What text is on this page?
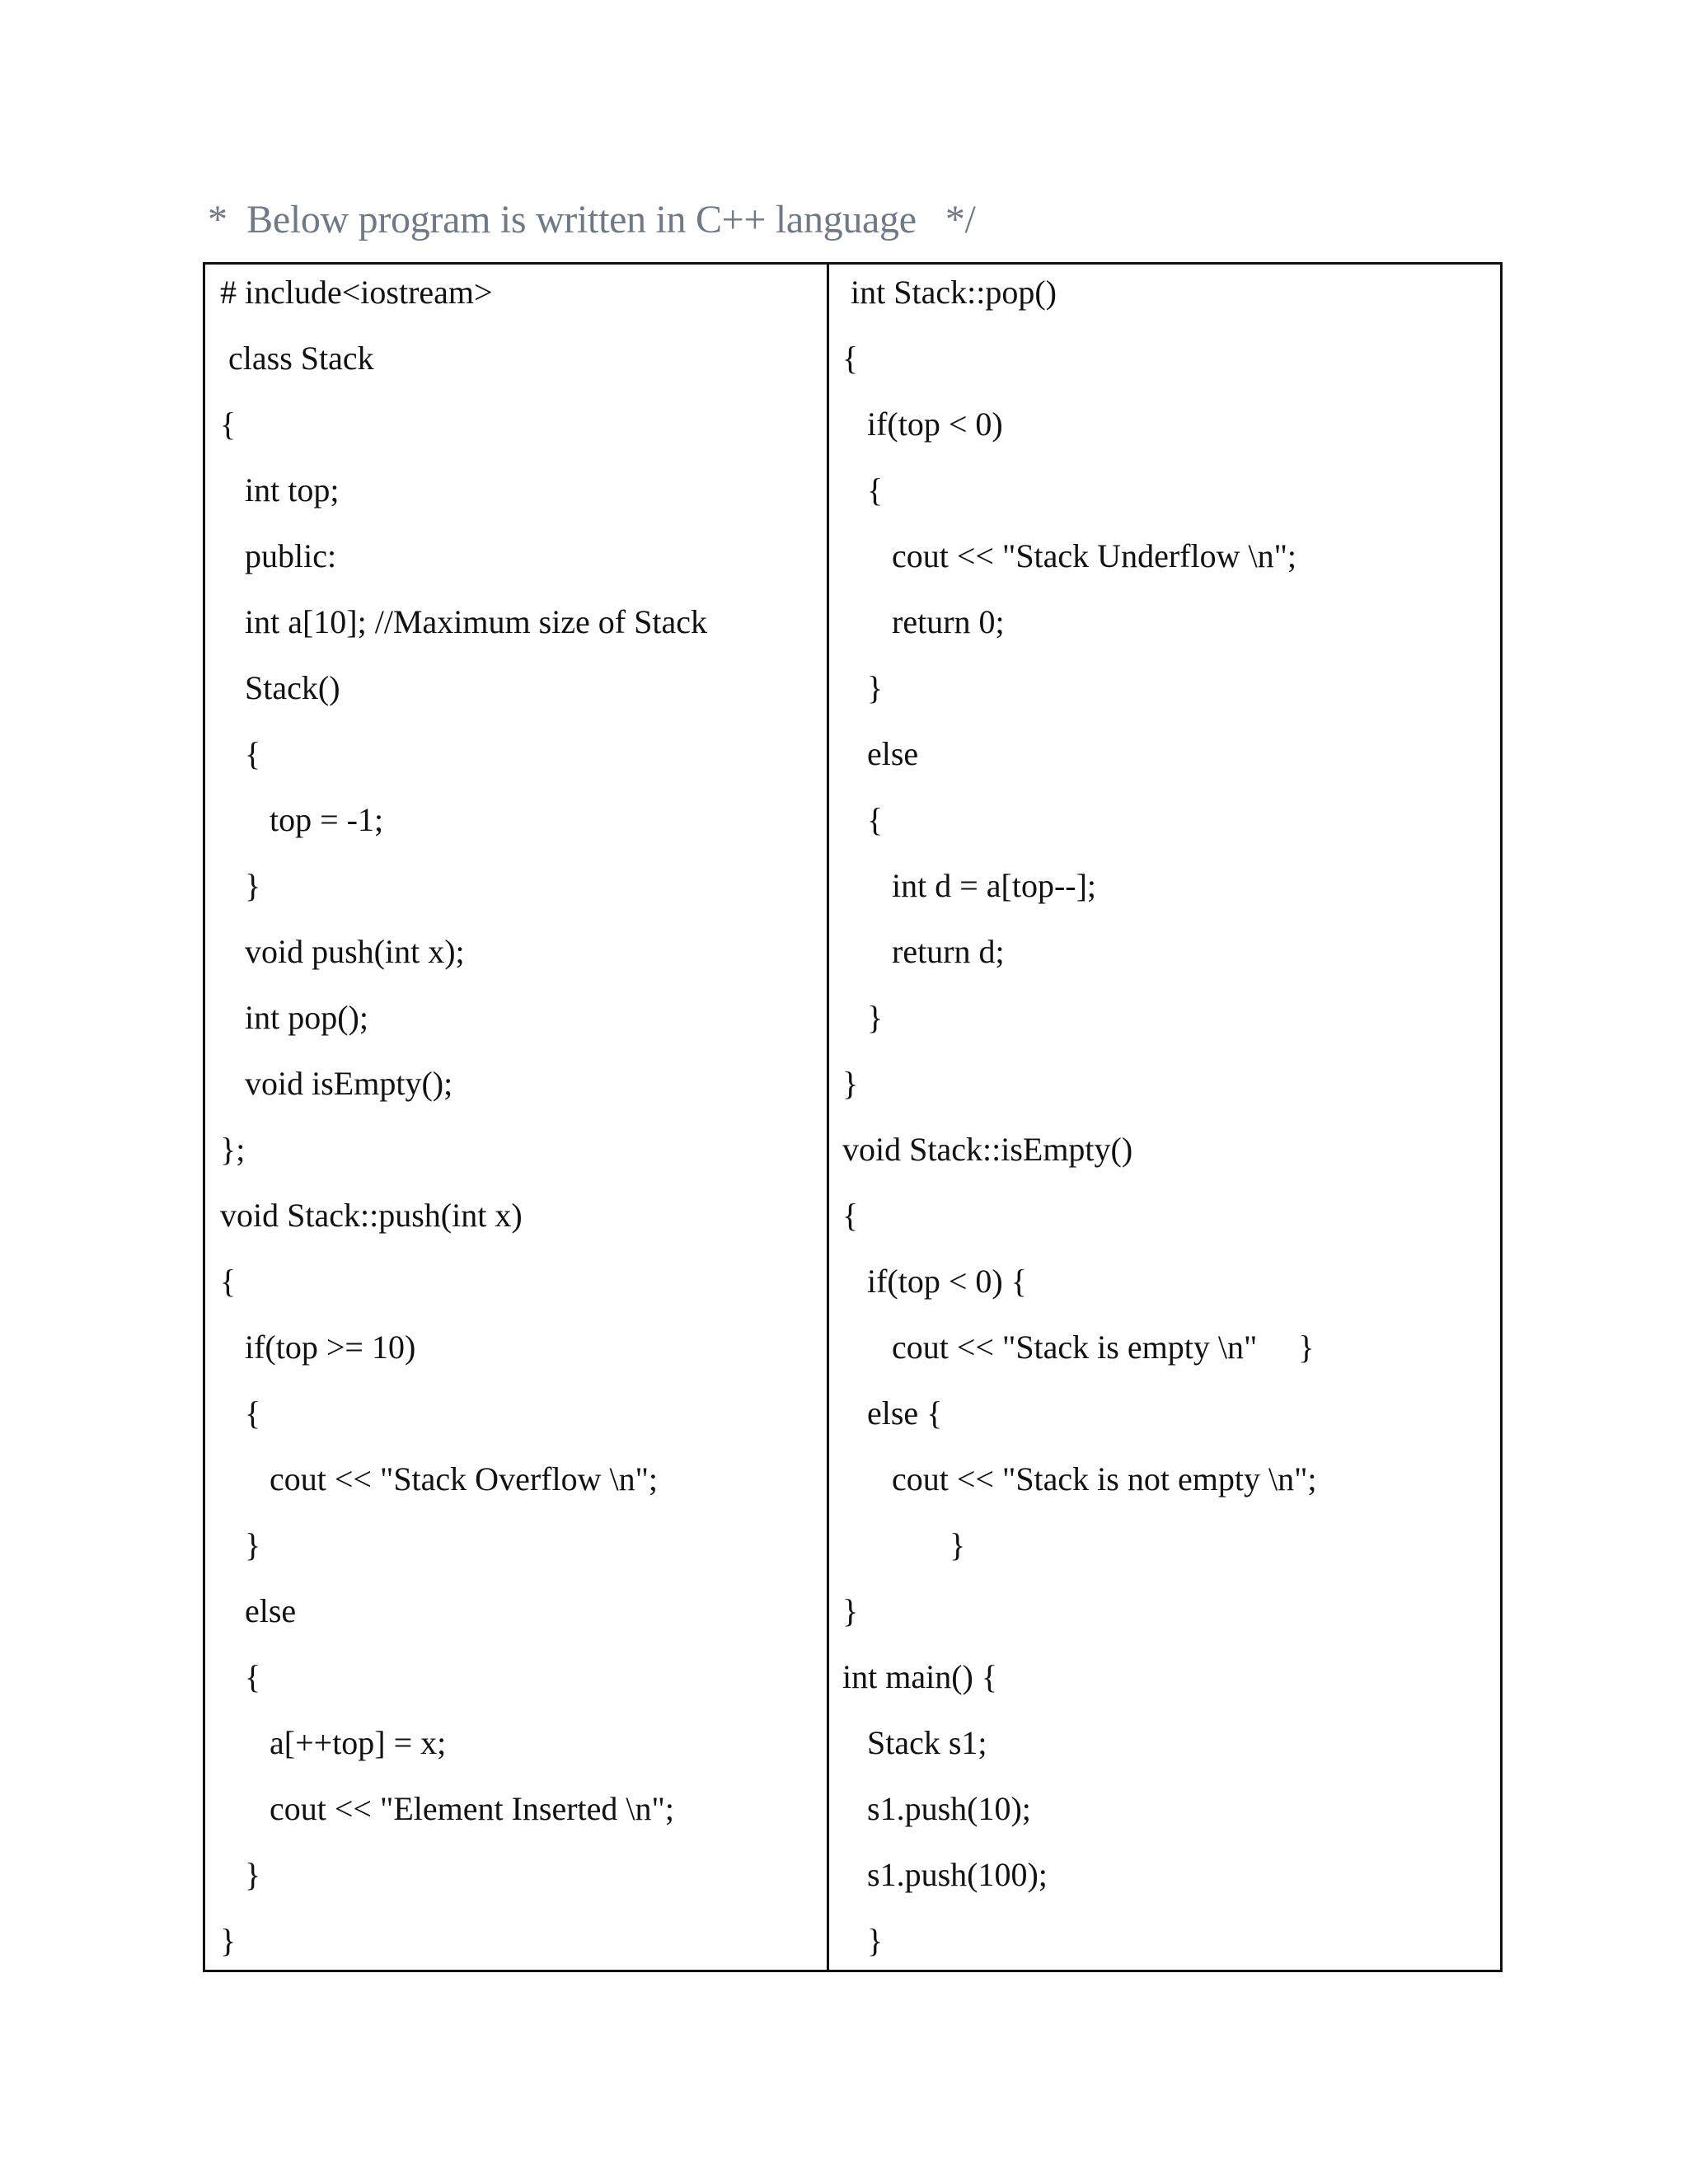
*  Below program is written in C++ language   */
# include<iostream>
class Stack
{
int top;
public:
int a[10]; //Maximum size of Stack
Stack()
{
top = -1;
}
void push(int x);
int pop();
void isEmpty();
};
void Stack::push(int x)
{
if(top >= 10)
{
cout << "Stack Overflow \n";
}
else
{
a[++top] = x;
cout << "Element Inserted \n";
}
}
int Stack::pop()
{
if(top < 0)
{
cout << "Stack Underflow \n";
return 0;
}
else
{
int d = a[top--];
return d;
}
}
void Stack::isEmpty()
{
if(top < 0) {
cout << "Stack is empty \n"     }
else {
cout << "Stack is not empty \n";
}
}
int main() {
Stack s1;
s1.push(10);
s1.push(100);
}
